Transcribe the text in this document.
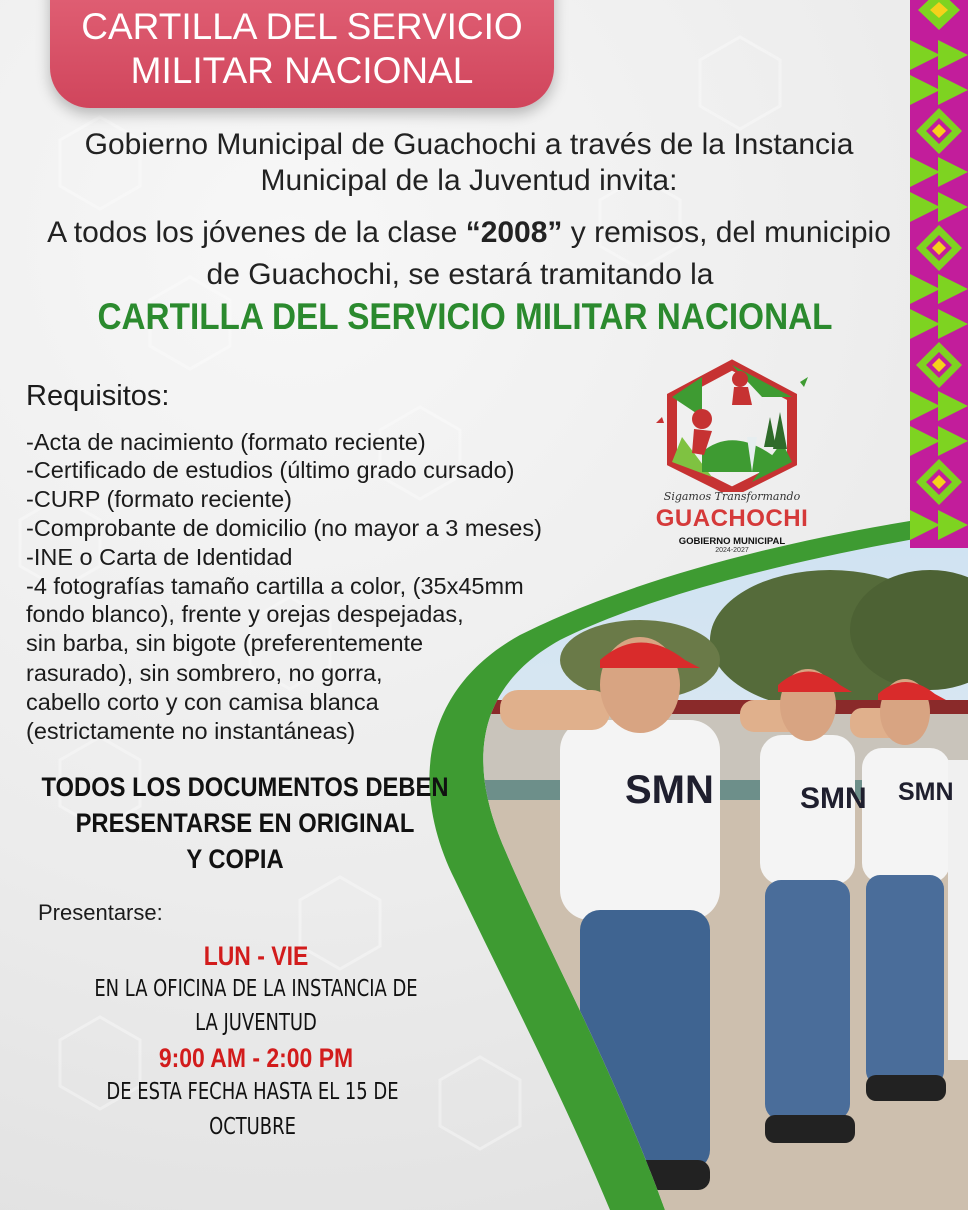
SMN	SMN SMN
CARTILLA DEL SERVICIO
MILITAR NACIONAL
Gobierno Municipal de Guachochi a través de la Instancia
Municipal de la Juventud invita:
A todos los jóvenes de la clase “2008” y remisos, del municipio
de Guachochi, se estará tramitando la
CARTILLA DEL SERVICIO MILITAR NACIONAL
Requisitos:
-Acta de nacimiento (formato reciente)
-Certificado de estudios (último grado cursado)
-CURP (formato reciente)
-Comprobante de domicilio (no mayor a 3 meses)
-INE o Carta de Identidad
-4 fotografías tamaño cartilla a color, (35x45mm
fondo blanco), frente y orejas despejadas,
sin barba, sin bigote (preferentemente
rasurado), sin sombrero, no gorra,
cabello corto y con camisa blanca
(estrictamente no instantáneas)
Sigamos Transformando
GUACHOCHI
GOBIERNO MUNICIPAL
2024-2027
TODOS LOS DOCUMENTOS DEBEN
PRESENTARSE EN ORIGINAL
Y COPIA
Presentarse:
LUN - VIE
EN LA OFICINA DE LA INSTANCIA DE
LA JUVENTUD
9:00 AM - 2:00 PM
DE ESTA FECHA HASTA EL 15 DE
OCTUBRE
